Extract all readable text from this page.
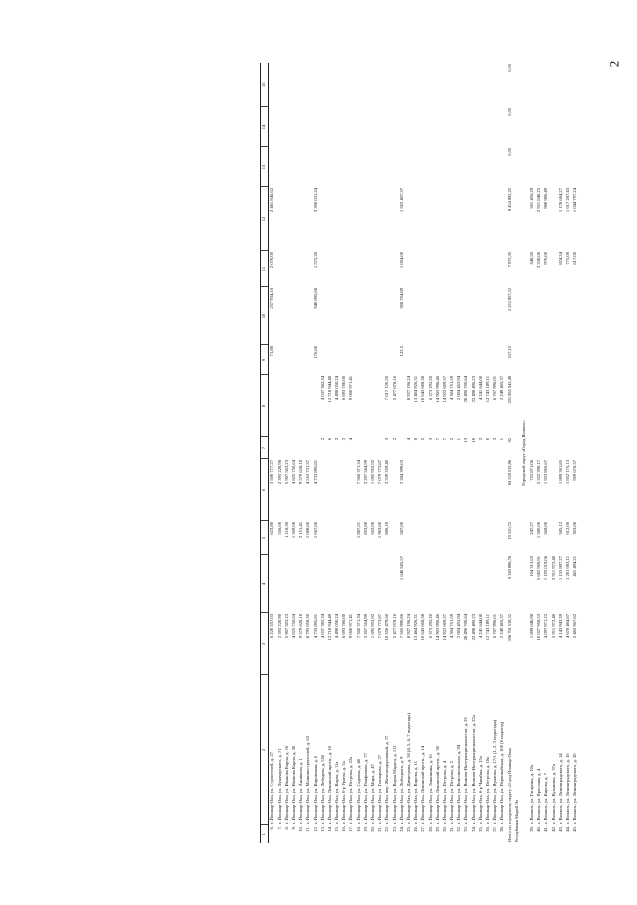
2
1	2	3	4	5	6	7	8	9	10	11	12	13	14	15
6.	г. Йошкар-Ола, ул. Строителей, д. 27	6 220 557,03		623,80	3 500 777,27			71,80	257 934,16	2 070,00	2 461 845,62			
7.	г. Йошкар-Ола, ул. Луначарского, д. 71	2 393 228,98		556,00	2 393 228,98									
8.	г. Йошкар-Ола, ул. Иванова Карпа, д. 16	5 907 503,23		1 118,30	5 907 503,23									
9.	г. Йошкар-Ола, ул. Иванова Карпа, д. 36	4 825 750,64		1 369,00	4 825 750,64									
10.	г. Йошкар-Ола, ул. Анникова, д. 1	9 579 628,18		2 151,41	9 579 628,18									
11.	г. Йошкар-Ола, ул. Машиностроителей, д. 63	8 795 858,30		1 088,60	4 553 731,37									
12.	г. Йошкар-Ола, ул. Кирпичная, д. 6	4 733 895,81		1 067,00	4 733 895,81			176,60	940 895,68	1 575,30	3 300 031,24			
13.	г. Йошкар-Ола, ул. Лебедева, д. 55б	4 037 382,34				2	4 037 382,34							
14.	г. Йошкар-Ола, Ленинский просп., д. 18	12 718 944,48				6	12 718 944,48							
15.	г. Йошкар-Ола, ул. Карла, д. 11а	4 498 050,24				2	4 498 050,24							
16.	г. Йошкар-Ола, б-р Ураева, д. 5а	6 693 780,00				3	6 693 780,00							
17.	г. Йошкар-Ола, ул. Петрова, д. 22а	9 000 971,41				4	9 000 971,41							
18.	г. Йошкар-Ола, ул. Садовая, д. 40	7 506 371,34		1 887,21	7 506 371,34									
19.	г. Йошкар-Ола, ул. Панфилова, д. 77	3 207 564,99		853,80	3 207 564,99									
20.	г. Йошкар-Ола, ул. Мира, д. 47	1 695 952,92		502,00	1 695 952,92									
21.	г. Йошкар-Ола, ул. Гончарова, д. 27	7 079 773,87		1 903,00	7 079 773,87									
22.	г. Йошкар-Ола, пер. Железнодорожный, д. 17	10 356 479,60		886,10	3 339 359,40	3	7 017 120,20							
23.	г. Йошкар-Ола, ул. Карла Маркса, д. 112	5 477 078,16				2	5 477 078,16							
24.	г. Йошкар-Ола, ул. Лобоцкого, д. 9	7 565 990,86	1 640 585,57	587,00	2 284 399,03			122,5	308 704,89	1 004,00	1 502 407,37			
25.	г. Йошкар-Ола, ул. Димитрова, д. 58 (4, 5, 6, 7 подъезды)	8 927 196,24				4	8 927 196,24							
26.	г. Йошкар-Ола, ул. Кирова, д. 11	13 464 926,31				6	13 464 926,31							
27.	г. Йошкар-Ола, Ленинский просп., д. 14	10 643 608,38				5	10 643 608,38							
28.	г. Йошкар-Ола, ул. Эшкинина, д. 16	6 373 292,20				3	6 373 292,20							
29.	г. Йошкар-Ола, Ленинский просп., д. 30	14 903 996,46				7	14 903 996,46							
30.	г. Йошкар-Ола, ул. Петрова, д. 4	14 922 609,37				7	14 922 609,37							
31.	г. Йошкар-Ола, ул. Петрова, д. 2	4 304 751,59				2	4 304 751,59							
32.	г. Йошкар-Ола, ул. Комсомольская, д. 94	2 004 453,94				1	2 004 453,94							
33.	г. Йошкар-Ола, ул. Воинов-Интернационалистов, д. 25	28 496 700,64				13	28 496 700,64							
34.	г. Йошкар-Ола, ул. Воинов-Интернационалистов, д. 22а	22 498 496,23				10	22 498 496,23							
35.	г. Йошкар-Ола, б-р Чавайна, д. 15а	4 241 644,00				2	4 241 644,00							
36.	г. Йошкар-Ола, ул. Петрова, д. 18а	12 743 189,11				6	12 743 189,11							
37.	г. Йошкар-Ола, ул. Яралова, д. 17/1 (1, 2, 3 подъезды)	6 707 996,01				3	6 707 996,01							
38.	г. Йошкар-Ола, ул. Первомайская, д. 100 (6 подъезд)	2 249 465,37				1	2 249 465,37							
Итого по городскому округу «Город Йошкар-Ола»		306 791 538,52	9 349 886,76	19 550,72	84 538 019,86	92	201 895 942,48	557,10	2 553 807,22	7 975,30	8 454 882,20	0,00	0,00	0,00
Республики Марий Эл														
Городской округ «Город Волжск»														
39.	г. Волжск, ул. Гагарина, д. 10а	1 899 640,98	104 313,63	247,27	753 871,06					348,50	501 456,29			
40.	г. Волжск, ул. Ярослава, д. 4	10 027 958,53	5 682 969,91	1 580,00	5 322 398,17					3 338,00	2 921 840,25			
41.	г. Волжск, ул. Кирова, д. 7	4 097 971,22	1 193 019,06	568,00	1 923 965,67					970,00	980 986,49			
42.	г. Волжск, ул. Кузьмина, д. 37а	2 911 972,40	2 911 972,40											
43.	г. Волжск, ул. Ленинградского, д. 14	4 143 943,39	1 155 897,27	585,12	1 809 361,85					824,34	1 178 684,27			
44.	г. Волжск, ул. Ленинградского, д. 16	4 670 464,67	1 201 003,11	612,00	1 852 175,13					775,00	1 617 287,43			
45.	г. Волжск, ул. Ленинградского, д. 20	2 465 967,82	461 494,21	303,00	959 676,37					617,00	1 044 797,24			
